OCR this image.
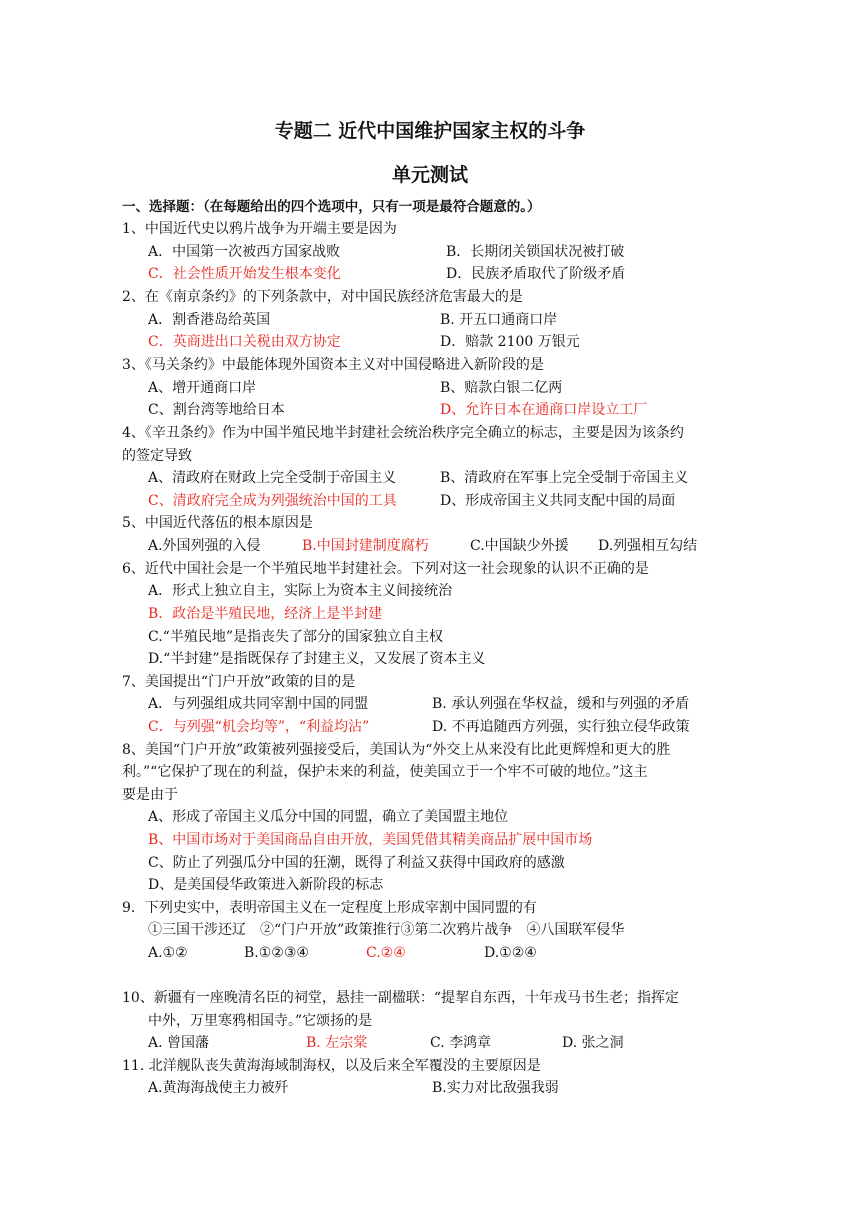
专题二 近代中国维护国家主权的斗争
单元测试
一、选择题：（在每题给出的四个选项中，只有一项是最符合题意的。）
1、中国近代史以鸦片战争为开端主要是因为
A．中国第一次被西方国家战败	B．长期闭关锁国状况被打破
C．社会性质开始发生根本变化	D．民族矛盾取代了阶级矛盾
2、在《南京条约》的下列条款中，对中国民族经济危害最大的是
A．割香港岛给英国	B. 开五口通商口岸
C．英商进出口关税由双方协定	D．赔款 2100 万银元
3、《马关条约》中最能体现外国资本主义对中国侵略进入新阶段的是
A、增开通商口岸	B、赔款白银二亿两
C、割台湾等地给日本	D、允许日本在通商口岸设立工厂
4、《辛丑条约》作为中国半殖民地半封建社会统治秩序完全确立的标志，主要是因为该条约
的签定导致
A、清政府在财政上完全受制于帝国主义	B、清政府在军事上完全受制于帝国主义
C、清政府完全成为列强统治中国的工具	D、形成帝国主义共同支配中国的局面
5、中国近代落伍的根本原因是
A.外国列强的入侵	B.中国封建制度腐朽	C.中国缺少外援 D.列强相互勾结
6、近代中国社会是一个半殖民地半封建社会。下列对这一社会现象的认识不正确的是
A．形式上独立自主，实际上为资本主义间接统治
B．政治是半殖民地，经济上是半封建
C.“半殖民地”是指丧失了部分的国家独立自主权
D.“半封建”是指既保存了封建主义，又发展了资本主义
7、美国提出“门户开放”政策的目的是
A．与列强组成共同宰割中国的同盟	B. 承认列强在华权益，缓和与列强的矛盾
C．与列强“机会均等”，“利益均沾”	D. 不再追随西方列强，实行独立侵华政策
8、美国“门户开放”政策被列强接受后，美国认为“外交上从来没有比此更辉煌和更大的胜
利。”“它保护了现在的利益，保护未来的利益，使美国立于一个牢不可破的地位。”这主
要是由于
A、形成了帝国主义瓜分中国的同盟，确立了美国盟主地位
B、中国市场对于美国商品自由开放，美国凭借其精美商品扩展中国市场
C、防止了列强瓜分中国的狂潮，既得了利益又获得中国政府的感激
D、是美国侵华政策进入新阶段的标志
9．下列史实中，表明帝国主义在一定程度上形成宰割中国同盟的有
①三国干涉还辽　②“门户开放”政策推行③第二次鸦片战争　④八国联军侵华
A.①②	B.①②③④	C.②④	D.①②④
10、新疆有一座晚清名臣的祠堂，悬挂一副楹联：“提挈自东西，十年戎马书生老；指挥定
中外，万里寒鸦相国寺。”它颂扬的是
A. 曾国藩	B. 左宗棠	C. 李鸿章	D. 张之洞
11. 北洋舰队丧失黄海海域制海权，以及后来全军覆没的主要原因是
A.黄海海战使主力被歼	B.实力对比敌强我弱
